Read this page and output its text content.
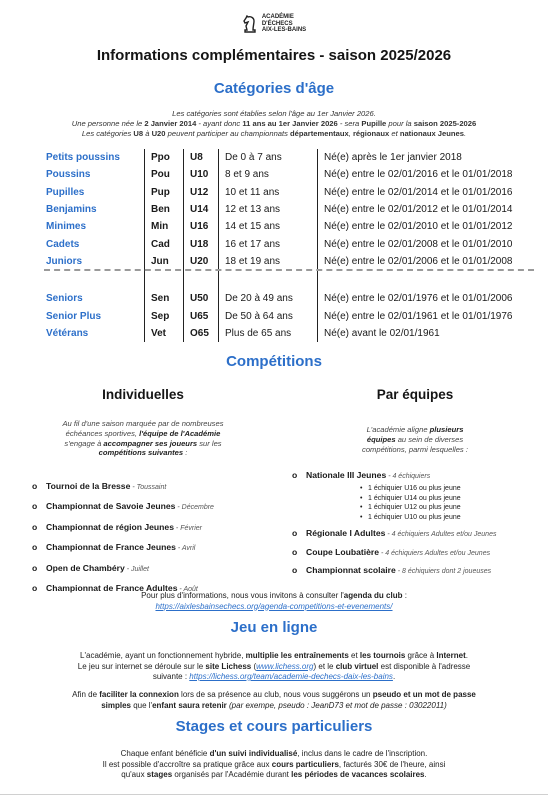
ACADÉMIE
D'ÉCHECS
AIX-LES-BAINS
Informations complémentaires - saison 2025/2026
Catégories d'âge
Les catégories sont établies selon l'âge au 1er Janvier 2026.
Une personne née le 2 Janvier 2014 - ayant donc 11 ans au 1er Janvier 2026 - sera Pupille pour la saison 2025-2026
Les catégories U8 à U20 peuvent participer au championnats départementaux, régionaux et nationaux Jeunes.
Petits poussins	Ppo	U8	De 0 à 7 ans	Né(e) après le 1er janvier 2018
Poussins	Pou	U10	8 et 9 ans	Né(e) entre le 02/01/2016 et le 01/01/2018
Pupilles	Pup	U12	10 et 11 ans	Né(e) entre le 02/01/2014 et le 01/01/2016
Benjamins	Ben	U14	12 et 13 ans	Né(e) entre le 02/01/2012 et le 01/01/2014
Minimes	Min	U16	14 et 15 ans	Né(e) entre le 02/01/2010 et le 01/01/2012
Cadets	Cad	U18	16 et 17 ans	Né(e) entre le 02/01/2008 et le 01/01/2010
Juniors	Jun	U20	18 et 19 ans	Né(e) entre le 02/01/2006 et le 01/01/2008

Seniors	Sen	U50	De 20 à 49 ans	Né(e) entre le 02/01/1976 et le 01/01/2006
Senior Plus	Sep	U65	De 50 à 64 ans	Né(e) entre le 02/01/1961 et le 01/01/1976
Vétérans	Vet	O65	Plus de 65 ans	Né(e) avant le 02/01/1961
Compétitions
Individuelles	Par équipes
Au fil d'une saison marquée par de nombreuses
échéances sportives, l'équipe de l'Académie
s'engage à accompagner ses joueurs sur les
compétitions suivantes :
L'académie aligne plusieurs
équipes au sein de diverses
compétitions, parmi lesquelles :
o Tournoi de la Bresse - Toussaint
o Championnat de Savoie Jeunes - Décembre
o Championnat de région Jeunes - Février
o Championnat de France Jeunes - Avril
o Open de Chambéry - Juillet
o Championnat de France Adultes - Août
o Nationale III Jeunes - 4 échiquiers
• 1 échiquier U16 ou plus jeune
• 1 échiquier U14 ou plus jeune
• 1 échiquier U12 ou plus jeune
• 1 échiquier U10 ou plus jeune
o Régionale I Adultes - 4 échiquiers Adultes et/ou Jeunes
o Coupe Loubatière - 4 échiquiers Adultes et/ou Jeunes
o Championnat scolaire - 8 échiquiers dont 2 joueuses
Pour plus d'informations, nous vous invitons à consulter l'agenda du club :
https://aixlesbainsechecs.org/agenda-competitions-et-evenements/
Jeu en ligne
L'académie, ayant un fonctionnement hybride, multiplie les entraînements et les tournois grâce à Internet.
Le jeu sur internet se déroule sur le site Lichess (www.lichess.org) et le club virtuel est disponible à l'adresse
suivante : https://lichess.org/team/academie-dechecs-daix-les-bains.
Afin de faciliter la connexion lors de sa présence au club, nous vous suggérons un pseudo et un mot de passe
simples que l'enfant saura retenir (par exempe, pseudo : JeanD73 et mot de passe : 03022011)
Stages et cours particuliers
Chaque enfant bénéficie d'un suivi individualisé, inclus dans le cadre de l'inscription.
Il est possible d'accroître sa pratique grâce aux cours particuliers, facturés 30€ de l'heure, ainsi
qu'aux stages organisés par l'Académie durant les périodes de vacances scolaires.
